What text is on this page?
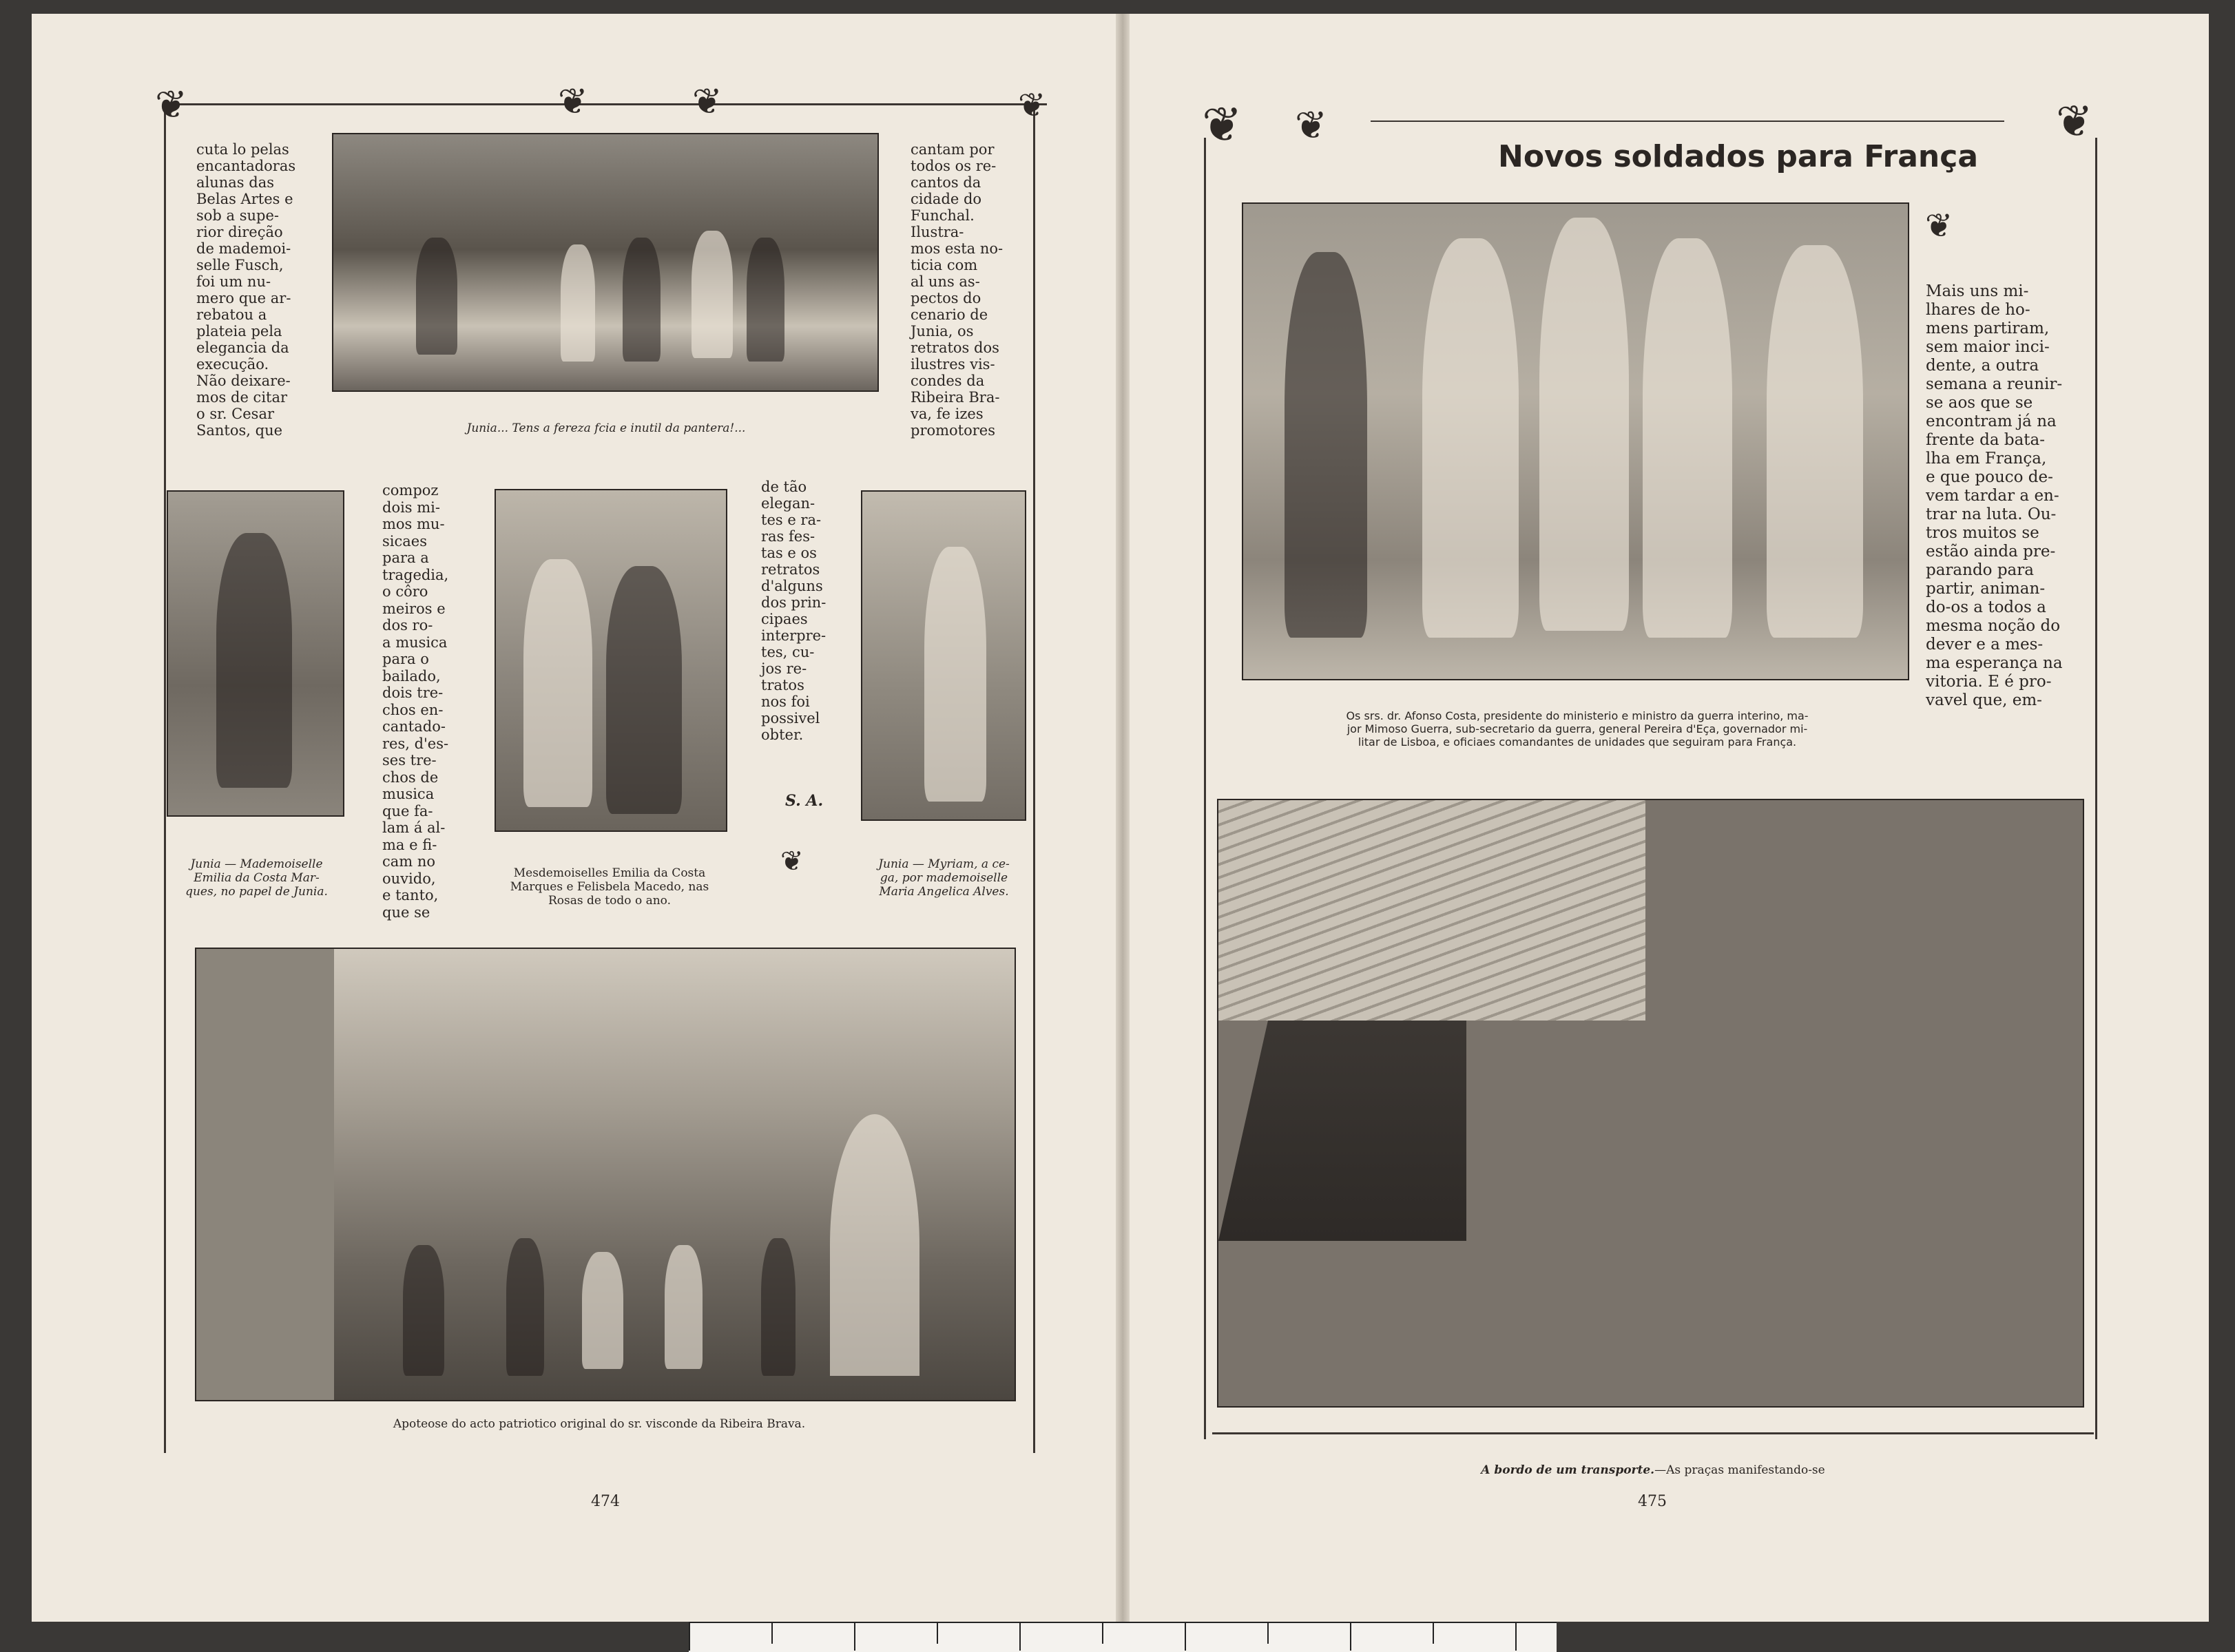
❦	❦	❦	❦
Junia... Tens a fereza fcia e inutil da pantera!...
cuta lo pelas
encantadoras
alunas das
Belas Artes e
sob a supe-
rior direção
de mademoi-
selle Fusch,
foi um nu-
mero que ar-
rebatou a
plateia pela
elegancia da
execução.
Não deixare-
mos de citar
o sr. Cesar
Santos, que
cantam por
todos os re-
cantos da
cidade do
Funchal.
Ilustra-
mos esta no-
ticia com
al uns as-
pectos do
cenario de
Junia, os
retratos dos
ilustres vis-
condes da
Ribeira Bra-
va, fe izes
promotores
Junia — Mademoiselle
Emilia da Costa Mar-
ques, no papel de Junia.
compoz
dois mi-
mos mu-
sicaes
para a
tragedia,
o côro
meiros e
dos ro-
a musica
para o
bailado,
dois tre-
chos en-
cantado-
res, d'es-
ses tre-
chos de
musica
que fa-
lam á al-
ma e fi-
cam no
ouvido,
e tanto,
que se
Mesdemoiselles Emilia da Costa
Marques e Felisbela Macedo, nas
Rosas de todo o ano.
de tão
elegan-
tes e ra-
ras fes-
tas e os
retratos
d'alguns
dos prin-
cipaes
interpre-
tes, cu-
jos re-
tratos
nos foi
possivel
obter.
S. A.
❦	Junia — Myriam, a ce-
ga, por mademoiselle
Maria Angelica Alves.
Apoteose do acto patriotico original do sr. visconde da Ribeira Brava.
474
❦ ❦	❦
❦
Novos soldados para França
Os srs. dr. Afonso Costa, presidente do ministerio e ministro da guerra interino, ma-
jor Mimoso Guerra, sub-secretario da guerra, general Pereira d'Eça, governador mi-
litar de Lisboa, e oficiaes comandantes de unidades que seguiram para França.
Mais uns mi-
lhares de ho-
mens partiram,
sem maior inci-
dente, a outra
semana a reunir-
se aos que se
encontram já na
frente da bata-
lha em França,
e que pouco de-
vem tardar a en-
trar na luta. Ou-
tros muitos se
estão ainda pre-
parando para
partir, animan-
do-os a todos a
mesma noção do
dever e a mes-
ma esperança na
vitoria. E é pro-
vavel que, em-

A bordo de um transporte.—As praças manifestando-se

475
